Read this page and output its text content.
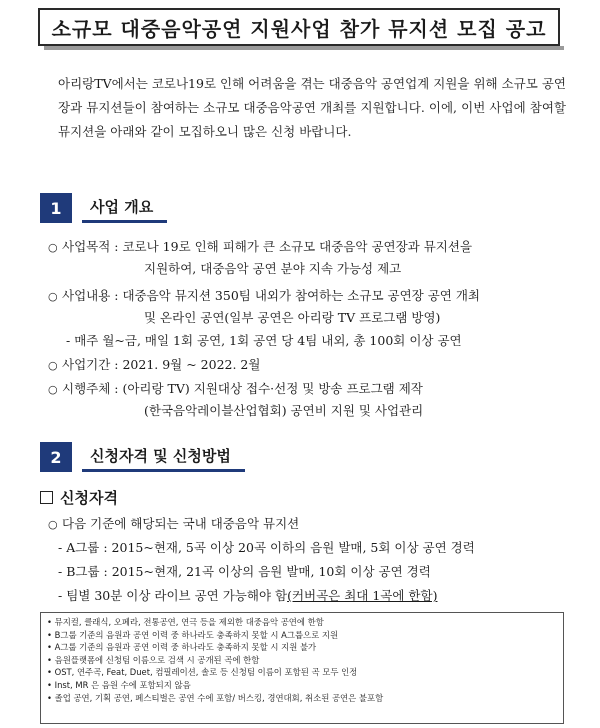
소규모 대중음악공연 지원사업 참가 뮤지션 모집 공고
아리랑TV에서는 코로나19로 인해 어려움을 겪는 대중음악 공연업계 지원을 위해 소규모 공연장과 뮤지션들이 참여하는 소규모 대중음악공연 개최를 지원합니다. 이에, 이번 사업에 참여할 뮤지션을 아래와 같이 모집하오니 많은 신청 바랍니다.
1	사업 개요
○ 사업목적 : 코로나 19로 인해 피해가 큰 소규모 대중음악 공연장과 뮤지션을
지원하여, 대중음악 공연 분야 지속 가능성 제고
○ 사업내용 : 대중음악 뮤지션 350팀 내외가 참여하는 소규모 공연장 공연 개최
및 온라인 공연(일부 공연은 아리랑 TV 프로그램 방영)
- 매주 월~금, 매일 1회 공연, 1회 공연 당 4팀 내외, 총 100회 이상 공연
○ 사업기간 : 2021. 9월 ~ 2022. 2월
○ 시행주체 : (아리랑 TV) 지원대상 접수·선정 및 방송 프로그램 제작
(한국음악레이블산업협회) 공연비 지원 및 사업관리
2	신청자격 및 신청방법
신청자격
○ 다음 기준에 해당되는 국내 대중음악 뮤지션
- A그룹 : 2015~현재, 5곡 이상 20곡 이하의 음원 발매, 5회 이상 공연 경력
- B그룹 : 2015~현재, 21곡 이상의 음원 발매, 10회 이상 공연 경력
- 팀별 30분 이상 라이브 공연 가능해야 함(커버곡은 최대 1곡에 한함)
• 뮤지컬, 클래식, 오페라, 전통공연, 연극 등을 제외한 대중음악 공연에 한함
• B그룹 기준의 음원과 공연 이력 중 하나라도 충족하지 못할 시 A그룹으로 지원
• A그룹 기준의 음원과 공연 이력 중 하나라도 충족하지 못할 시 지원 불가
• 음원플랫폼에 신청팀 이름으로 검색 시 공개된 곡에 한함
• OST, 연주곡, Feat, Duet, 컴필레이션, 솔로 등 신청팀 이름이 포함된 곡 모두 인정
• Inst, MR 은 음원 수에 포함되지 않음
• 졸업 공연, 기획 공연, 페스티벌은 공연 수에 포함/ 버스킹, 경연대회, 취소된 공연은 불포함
